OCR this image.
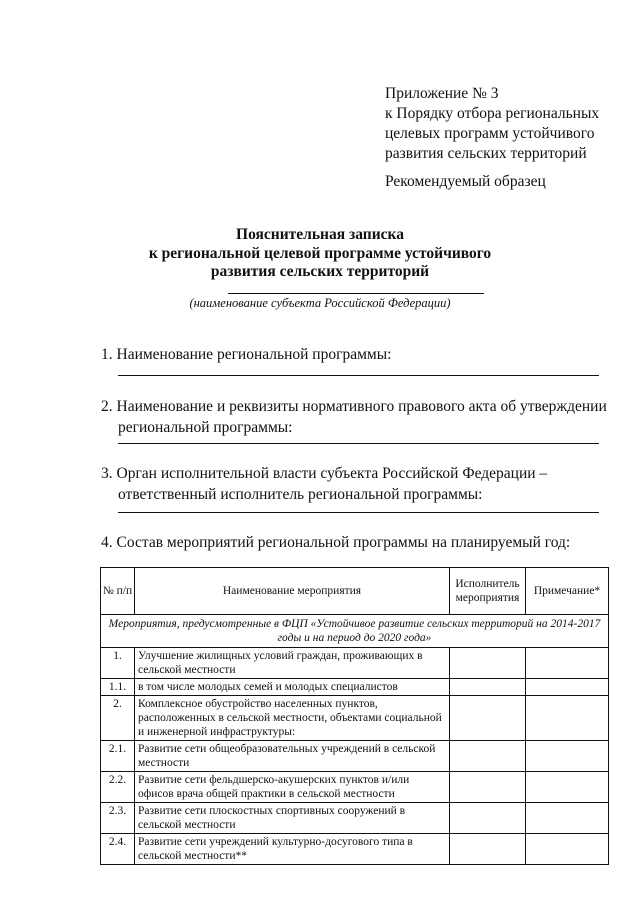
Приложение № 3
к Порядку отбора региональных
целевых программ устойчивого
развития сельских территорий
Рекомендуемый образец
Пояснительная записка
к региональной целевой программе устойчивого
развития сельских территорий
(наименование субъекта Российской Федерации)
1. Наименование региональной программы:
2. Наименование и реквизиты нормативного правового акта об утверждении
региональной программы:
3. Орган исполнительной власти субъекта Российской Федерации –
ответственный исполнитель региональной программы:
4. Состав мероприятий региональной программы на планируемый год:
№ п/п	Наименование мероприятия	Исполнитель мероприятия	Примечание*
Мероприятия, предусмотренные в ФЦП «Устойчивое развитие сельских территорий на 2014-2017 годы и на период до 2020 года»			
1.	Улучшение жилищных условий граждан, проживающих в сельской местности		
1.1.	в том числе молодых семей и молодых специалистов		
2.	Комплексное обустройство населенных пунктов, расположенных в сельской местности, объектами социальной и инженерной инфраструктуры:		
2.1.	Развитие сети общеобразовательных учреждений в сельской местности		
2.2.	Развитие сети фельдшерско-акушерских пунктов и/или офисов врача общей практики в сельской местности		
2.3.	Развитие сети плоскостных спортивных сооружений в сельской местности		
2.4.	Развитие сети учреждений культурно-досугового типа в сельской местности**		
